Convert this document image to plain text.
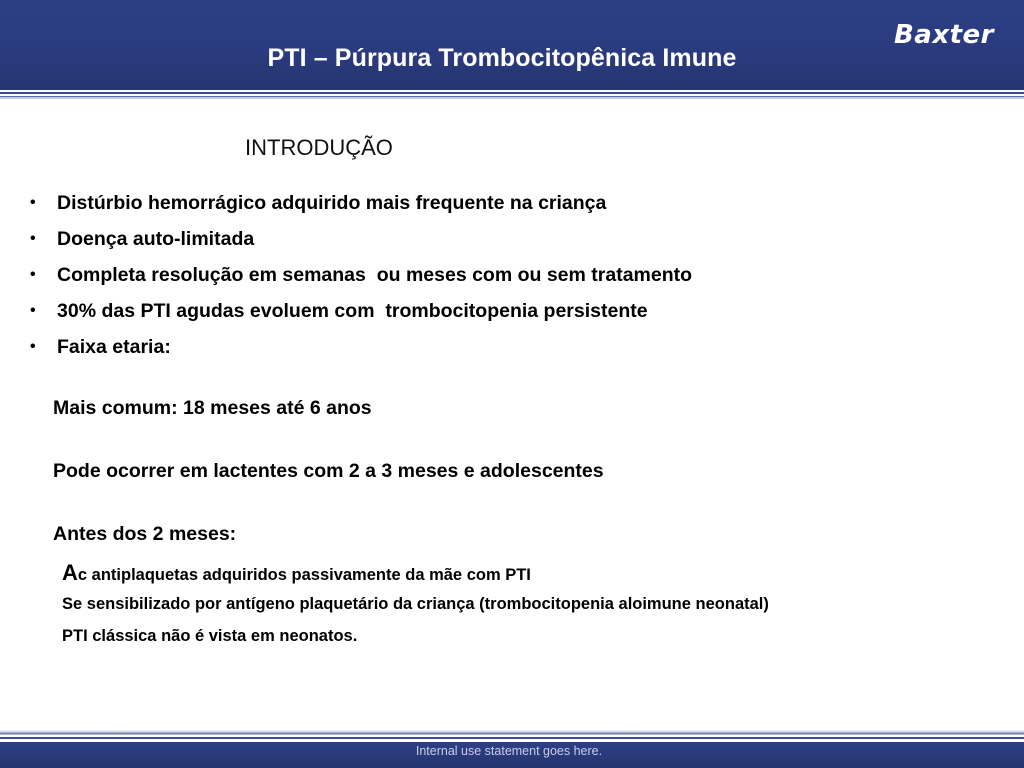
PTI – Púrpura Trombocitopênica Imune
Baxter
INTRODUÇÃO
•	Distúrbio hemorrágico adquirido mais frequente na criança
•	Doença auto-limitada
•	Completa resolução em semanas  ou meses com ou sem tratamento
•	30% das PTI agudas evoluem com  trombocitopenia persistente
•	Faixa etaria:
Mais comum: 18 meses até 6 anos
Pode ocorrer em lactentes com 2 a 3 meses e adolescentes
Antes dos 2 meses:
Ac antiplaquetas adquiridos passivamente da mãe com PTI
Se sensibilizado por antígeno plaquetário da criança (trombocitopenia aloimune neonatal)
PTI clássica não é vista em neonatos.
Internal use statement goes here.
